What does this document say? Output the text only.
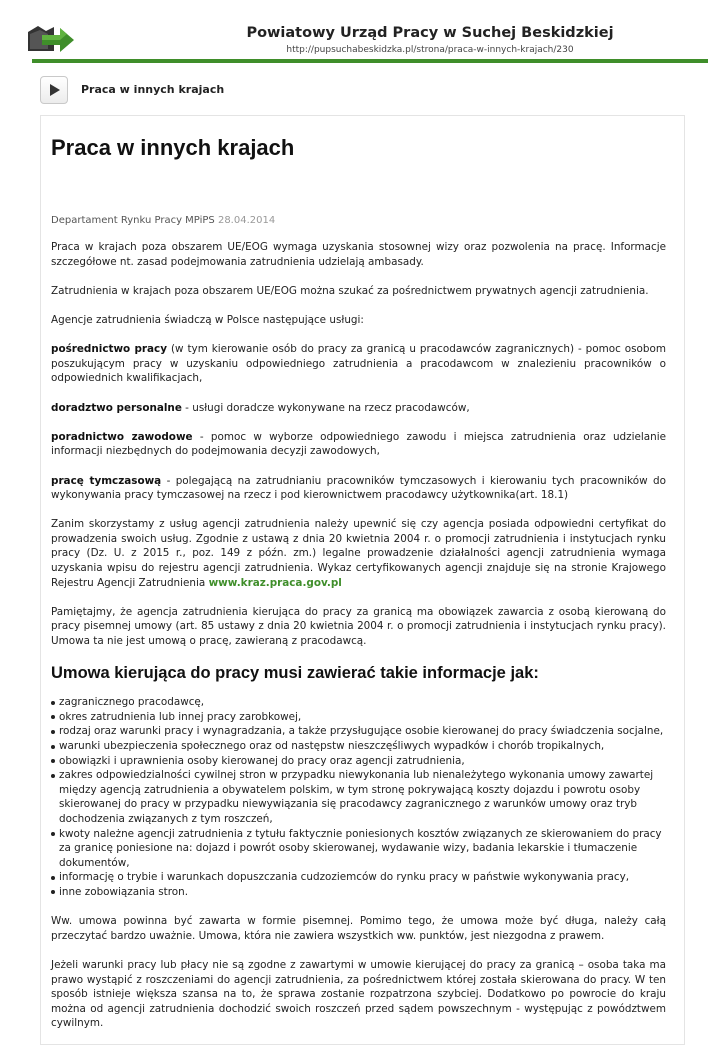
Powiatowy Urząd Pracy w Suchej Beskidzkiej
http://pupsuchabeskidzka.pl/strona/praca-w-innych-krajach/230
Praca w innych krajach
Praca w innych krajach
Departament Rynku Pracy MPiPS 28.04.2014

Praca w krajach poza obszarem UE/EOG wymaga uzyskania stosownej wizy oraz pozwolenia na pracę. Informacje szczegółowe nt. zasad podejmowania zatrudnienia udzielają ambasady.

Zatrudnienia w krajach poza obszarem UE/EOG można szukać za pośrednictwem prywatnych agencji zatrudnienia.

Agencje zatrudnienia świadczą w Polsce następujące usługi:

pośrednictwo pracy (w tym kierowanie osób do pracy za granicą u pracodawców zagranicznych) - pomoc osobom poszukującym pracy w uzyskaniu odpowiedniego zatrudnienia a pracodawcom w znalezieniu pracowników o odpowiednich kwalifikacjach,

doradztwo personalne - usługi doradcze wykonywane na rzecz pracodawców,

poradnictwo zawodowe - pomoc w wyborze odpowiedniego zawodu i miejsca zatrudnienia oraz udzielanie informacji niezbędnych do podejmowania decyzji zawodowych,

pracę tymczasową - polegającą na zatrudnianiu pracowników tymczasowych i kierowaniu tych pracowników do wykonywania pracy tymczasowej na rzecz i pod kierownictwem pracodawcy użytkownika(art. 18.1)

Zanim skorzystamy z usług agencji zatrudnienia należy upewnić się czy agencja posiada odpowiedni certyfikat do prowadzenia swoich usług. Zgodnie z ustawą z dnia 20 kwietnia 2004 r. o promocji zatrudnienia i instytucjach rynku pracy (Dz. U. z 2015 r., poz. 149 z późn. zm.) legalne prowadzenie działalności agencji zatrudnienia wymaga uzyskania wpisu do rejestru agencji zatrudnienia. Wykaz certyfikowanych agencji znajduje się na stronie Krajowego Rejestru Agencji Zatrudnienia www.kraz.praca.gov.pl

Pamiętajmy, że agencja zatrudnienia kierująca do pracy za granicą ma obowiązek zawarcia z osobą kierowaną do pracy pisemnej umowy (art. 85 ustawy z dnia 20 kwietnia 2004 r. o promocji zatrudnienia i instytucjach rynku pracy). Umowa ta nie jest umową o pracę, zawieraną z pracodawcą.

Umowa kierująca do pracy musi zawierać takie informacje jak:
zagranicznego pracodawcę,
okres zatrudnienia lub innej pracy zarobkowej,
rodzaj oraz warunki pracy i wynagradzania, a także przysługujące osobie kierowanej do pracy świadczenia socjalne,
warunki ubezpieczenia społecznego oraz od następstw nieszczęśliwych wypadków i chorób tropikalnych,
obowiązki i uprawnienia osoby kierowanej do pracy oraz agencji zatrudnienia,
zakres odpowiedzialności cywilnej stron w przypadku niewykonania lub nienależytego wykonania umowy zawartej między agencją zatrudnienia a obywatelem polskim, w tym stronę pokrywającą koszty dojazdu i powrotu osoby skierowanej do pracy w przypadku niewywiązania się pracodawcy zagranicznego z warunków umowy oraz tryb dochodzenia związanych z tym roszczeń,
kwoty należne agencji zatrudnienia z tytułu faktycznie poniesionych kosztów związanych ze skierowaniem do pracy za granicę poniesione na: dojazd i powrót osoby skierowanej, wydawanie wizy, badania lekarskie i tłumaczenie dokumentów,
informację o trybie i warunkach dopuszczania cudzoziemców do rynku pracy w państwie wykonywania pracy,
inne zobowiązania stron.

Ww. umowa powinna być zawarta w formie pisemnej. Pomimo tego, że umowa może być długa, należy całą przeczytać bardzo uważnie. Umowa, która nie zawiera wszystkich ww. punktów, jest niezgodna z prawem.

Jeżeli warunki pracy lub płacy nie są zgodne z zawartymi w umowie kierującej do pracy za granicą – osoba taka ma prawo wystąpić z roszczeniami do agencji zatrudnienia, za pośrednictwem której została skierowana do pracy. W ten sposób istnieje większa szansa na to, że sprawa zostanie rozpatrzona szybciej. Dodatkowo po powrocie do kraju można od agencji zatrudnienia dochodzić swoich roszczeń przed sądem powszechnym - występując z powództwem cywilnym.
